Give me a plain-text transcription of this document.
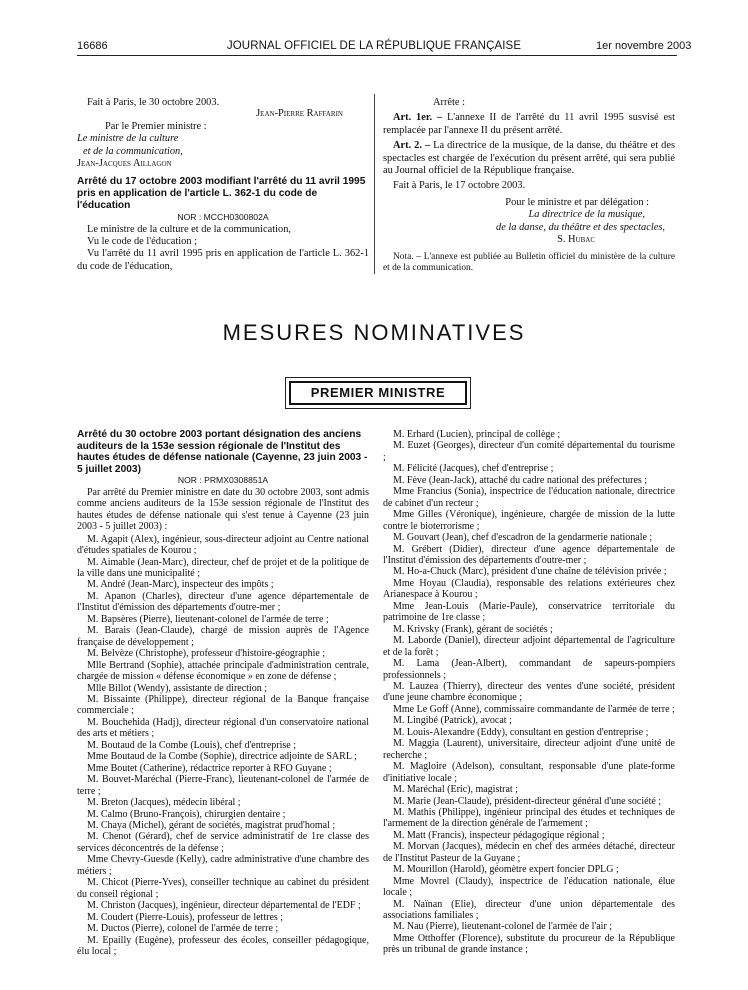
16686	JOURNAL OFFICIEL DE LA RÉPUBLIQUE FRANÇAISE	1er novembre 2003

Fait à Paris, le 30 octobre 2003.

Jean-Pierre Raffarin

Par le Premier ministre :

Le ministre de la culture

et de la communication,

Jean-Jacques Aillagon

Arrêté du 17 octobre 2003 modifiant l'arrêté du 11 avril 1995 pris en application de l'article L. 362-1 du code de l'éducation

NOR : MCCH0300802A

Le ministre de la culture et de la communication,

Vu le code de l'éducation ;

Vu l'arrêté du 11 avril 1995 pris en application de l'article L. 362-1 du code de l'éducation,

Arrête :

Art. 1er. – L'annexe II de l'arrêté du 11 avril 1995 susvisé est remplacée par l'annexe II du présent arrêté.

Art. 2. – La directrice de la musique, de la danse, du théâtre et des spectacles est chargée de l'exécution du présent arrêté, qui sera publié au Journal officiel de la République française.

Fait à Paris, le 17 octobre 2003.

Pour le ministre et par délégation :

La directrice de la musique,

de la danse, du théâtre et des spectacles,

S. Hubac

Nota. – L'annexe est publiée au Bulletin officiel du ministère de la culture et de la communication.

MESURES NOMINATIVES
PREMIER MINISTRE

Arrêté du 30 octobre 2003 portant désignation des anciens auditeurs de la 153e session régionale de l'Institut des hautes études de défense nationale (Cayenne, 23 juin 2003 - 5 juillet 2003)

NOR : PRMX0308851A

Par arrêté du Premier ministre en date du 30 octobre 2003, sont admis comme anciens auditeurs de la 153e session régionale de l'Institut des hautes études de défense nationale qui s'est tenue à Cayenne (23 juin 2003 - 5 juillet 2003) :

M. Agapit (Alex), ingénieur, sous-directeur adjoint au Centre national d'études spatiales de Kourou ;

M. Aimable (Jean-Marc), directeur, chef de projet et de la politique de la ville dans une municipalité ;

M. André (Jean-Marc), inspecteur des impôts ;

M. Apanon (Charles), directeur d'une agence départementale de l'Institut d'émission des départements d'outre-mer ;

M. Bapsères (Pierre), lieutenant-colonel de l'armée de terre ;

M. Barais (Jean-Claude), chargé de mission auprès de l'Agence française de développement ;

M. Belvèze (Christophe), professeur d'histoire-géographie ;

Mlle Bertrand (Sophie), attachée principale d'administration centrale, chargée de mission « défense économique » en zone de défense ;

Mlle Billot (Wendy), assistante de direction ;

M. Bissainte (Philippe), directeur régional de la Banque française commerciale ;

M. Bouchehida (Hadj), directeur régional d'un conservatoire national des arts et métiers ;

M. Boutaud de la Combe (Louis), chef d'entreprise ;

Mme Boutaud de la Combe (Sophie), directrice adjointe de SARL ;

Mme Boutet (Catherine), rédactrice reporter à RFO Guyane ;

M. Bouvet-Maréchal (Pierre-Franc), lieutenant-colonel de l'armée de terre ;

M. Breton (Jacques), médecin libéral ;

M. Calmo (Bruno-François), chirurgien dentaire ;

M. Chaya (Michel), gérant de sociétés, magistrat prud'homal ;

M. Chenot (Gérard), chef de service administratif de 1re classe des services déconcentrés de la défense ;

Mme Chevry-Guesde (Kelly), cadre administrative d'une chambre des métiers ;

M. Chicot (Pierre-Yves), conseiller technique au cabinet du président du conseil régional ;

M. Christon (Jacques), ingénieur, directeur départemental de l'EDF ;

M. Coudert (Pierre-Louis), professeur de lettres ;

M. Ductos (Pierre), colonel de l'armée de terre ;

M. Epailly (Eugène), professeur des écoles, conseiller pédagogique, élu local ;

M. Erhard (Lucien), principal de collège ;

M. Euzet (Georges), directeur d'un comité départemental du tourisme ;

M. Félicité (Jacques), chef d'entreprise ;

M. Fève (Jean-Jack), attaché du cadre national des préfectures ;

Mme Francius (Sonia), inspectrice de l'éducation nationale, directrice de cabinet d'un recteur ;

Mme Gilles (Véronique), ingénieure, chargée de mission de la lutte contre le bioterrorisme ;

M. Gouvart (Jean), chef d'escadron de la gendarmerie nationale ;

M. Grébert (Didier), directeur d'une agence départementale de l'Institut d'émission des départements d'outre-mer ;

M. Ho-a-Chuck (Marc), président d'une chaîne de télévision privée ;

Mme Hoyau (Claudia), responsable des relations extérieures chez Arianespace à Kourou ;

Mme Jean-Louis (Marie-Paule), conservatrice territoriale du patrimoine de 1re classe ;

M. Krivsky (Frank), gérant de sociétés ;

M. Laborde (Daniel), directeur adjoint départemental de l'agriculture et de la forêt ;

M. Lama (Jean-Albert), commandant de sapeurs-pompiers professionnels ;

M. Lauzea (Thierry), directeur des ventes d'une société, président d'une jeune chambre économique ;

Mme Le Goff (Anne), commissaire commandante de l'armée de terre ;

M. Lingibé (Patrick), avocat ;

M. Louis-Alexandre (Eddy), consultant en gestion d'entreprise ;

M. Maggia (Laurent), universitaire, directeur adjoint d'une unité de recherche ;

M. Magloire (Adelson), consultant, responsable d'une plate-forme d'initiative locale ;

M. Maréchal (Eric), magistrat ;

M. Marie (Jean-Claude), président-directeur général d'une société ;

M. Mathis (Philippe), ingénieur principal des études et techniques de l'armement de la direction générale de l'armement ;

M. Matt (Francis), inspecteur pédagogique régional ;

M. Morvan (Jacques), médecin en chef des armées détaché, directeur de l'Institut Pasteur de la Guyane ;

M. Mourillon (Harold), géomètre expert foncier DPLG ;

Mme Movrel (Claudy), inspectrice de l'éducation nationale, élue locale ;

M. Naïnan (Elie), directeur d'une union départementale des associations familiales ;

M. Nau (Pierre), lieutenant-colonel de l'armée de l'air ;

Mme Otthoffer (Florence), substitute du procureur de la République près un tribunal de grande instance ;
